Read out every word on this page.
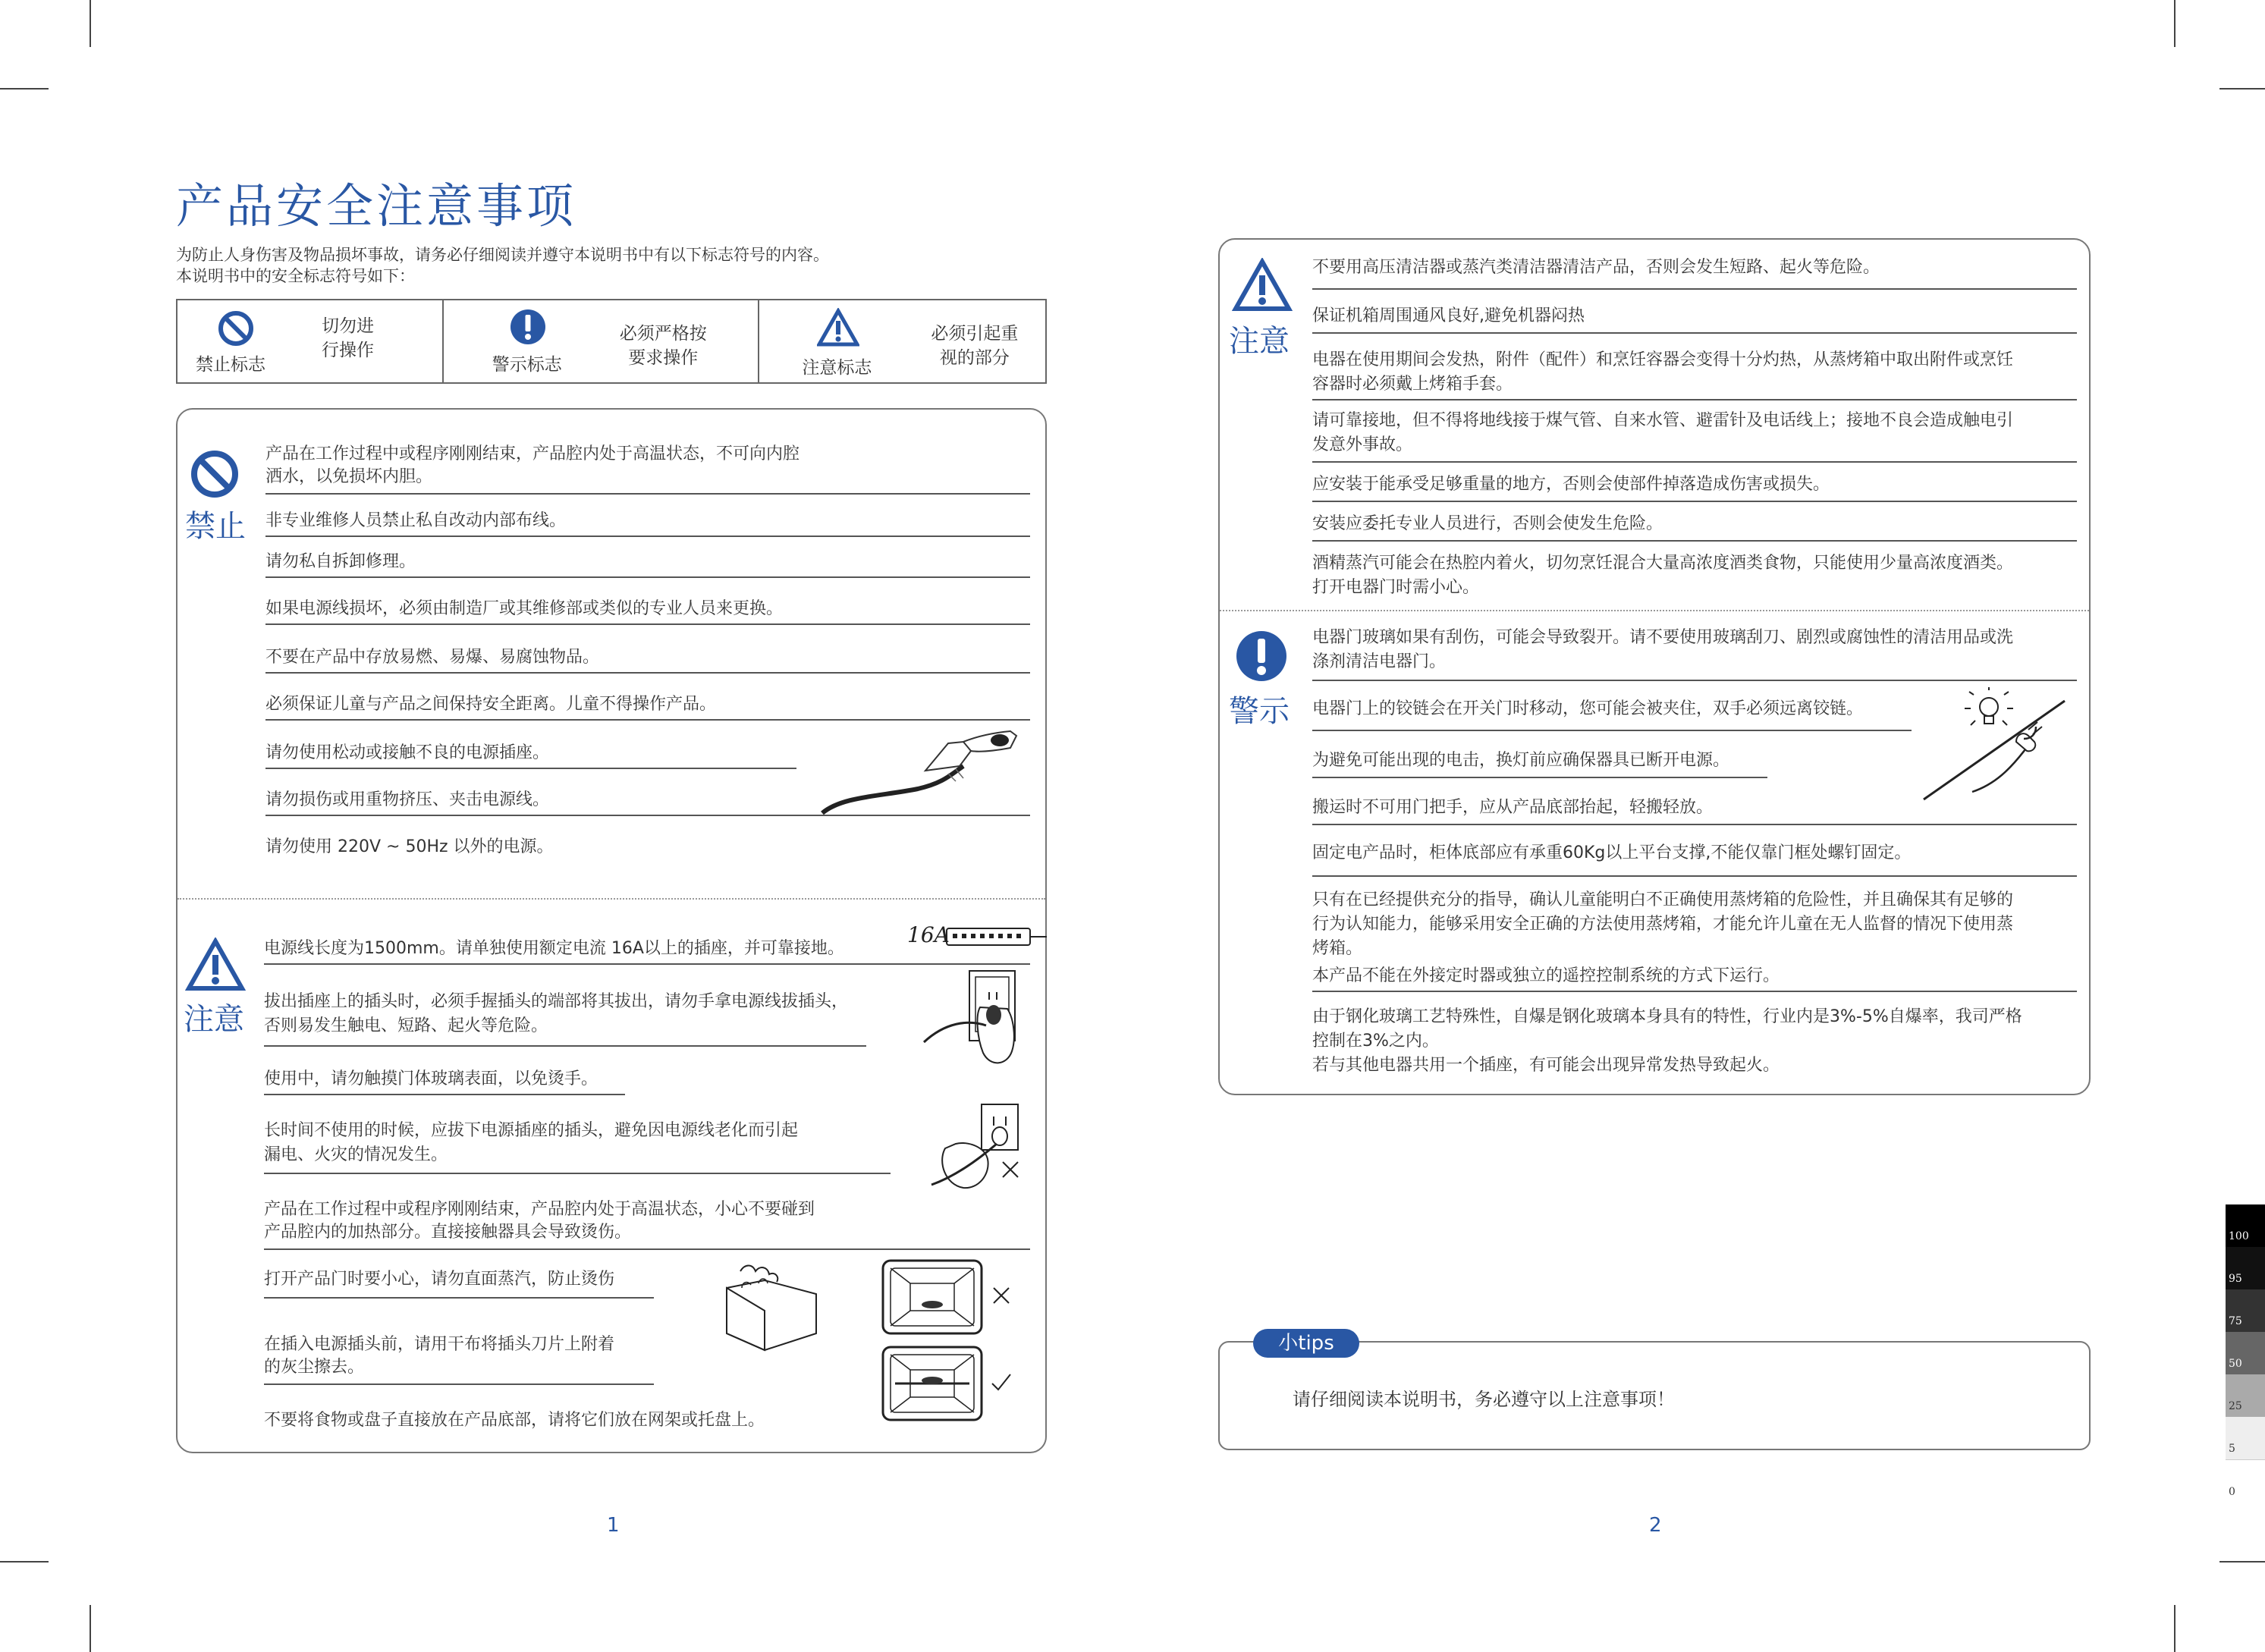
产品安全注意事项
为防止人身伤害及物品损坏事故，请务必仔细阅读并遵守本说明书中有以下标志符号的内容。
本说明书中的安全标志符号如下：
禁止标志
切勿进
行操作
警示标志
必须严格按
要求操作	注意标志
必须引起重
视的部分
禁止
产品在工作过程中或程序刚刚结束，产品腔内处于高温状态，不可向内腔
洒水，以免损坏内胆。
非专业维修人员禁止私自改动内部布线。
请勿私自拆卸修理。
如果电源线损坏，必须由制造厂或其维修部或类似的专业人员来更换。
不要在产品中存放易燃、易爆、易腐蚀物品。
必须保证儿童与产品之间保持安全距离。儿童不得操作产品。
请勿使用松动或接触不良的电源插座。
请勿损伤或用重物挤压、夹击电源线。
请勿使用 220V ~ 50Hz 以外的电源。
注意
电源线长度为1500mm。请单独使用额定电流 16A以上的插座，并可靠接地。
拔出插座上的插头时，必须手握插头的端部将其拔出，请勿手拿电源线拔插头，
否则易发生触电、短路、起火等危险。
使用中，请勿触摸门体玻璃表面，以免烫手。
长时间不使用的时候，应拔下电源插座的插头，避免因电源线老化而引起
漏电、火灾的情况发生。
产品在工作过程中或程序刚刚结束，产品腔内处于高温状态，小心不要碰到
产品腔内的加热部分。直接接触器具会导致烫伤。
打开产品门时要小心，请勿直面蒸汽，防止烫伤
在插入电源插头前，请用干布将插头刀片上附着
的灰尘擦去。
不要将食物或盘子直接放在产品底部，请将它们放在网架或托盘上。
16A
1
注意
不要用高压清洁器或蒸汽类清洁器清洁产品，否则会发生短路、起火等危险。
保证机箱周围通风良好,避免机器闷热
电器在使用期间会发热，附件（配件）和烹饪容器会变得十分灼热，从蒸烤箱中取出附件或烹饪
容器时必须戴上烤箱手套。
请可靠接地，但不得将地线接于煤气管、自来水管、避雷针及电话线上；接地不良会造成触电引
发意外事故。
应安装于能承受足够重量的地方，否则会使部件掉落造成伤害或损失。
安装应委托专业人员进行，否则会使发生危险。
酒精蒸汽可能会在热腔内着火，切勿烹饪混合大量高浓度酒类食物，只能使用少量高浓度酒类。
打开电器门时需小心。
警示
电器门玻璃如果有刮伤，可能会导致裂开。请不要使用玻璃刮刀、剧烈或腐蚀性的清洁用品或洗
涤剂清洁电器门。
电器门上的铰链会在开关门时移动，您可能会被夹住，双手必须远离铰链。
为避免可能出现的电击，换灯前应确保器具已断开电源。
搬运时不可用门把手，应从产品底部抬起，轻搬轻放。
固定电产品时，柜体底部应有承重60Kg以上平台支撑,不能仅靠门框处螺钉固定。
只有在已经提供充分的指导，确认儿童能明白不正确使用蒸烤箱的危险性，并且确保其有足够的
行为认知能力，能够采用安全正确的方法使用蒸烤箱，才能允许儿童在无人监督的情况下使用蒸
烤箱。
本产品不能在外接定时器或独立的遥控控制系统的方式下运行。
由于钢化玻璃工艺特殊性，自爆是钢化玻璃本身具有的特性，行业内是3%-5%自爆率，我司严格
控制在3%之内。
若与其他电器共用一个插座，有可能会出现异常发热导致起火。
小tips
请仔细阅读本说明书，务必遵守以上注意事项！
2
100
95
75
50
25
5
0
